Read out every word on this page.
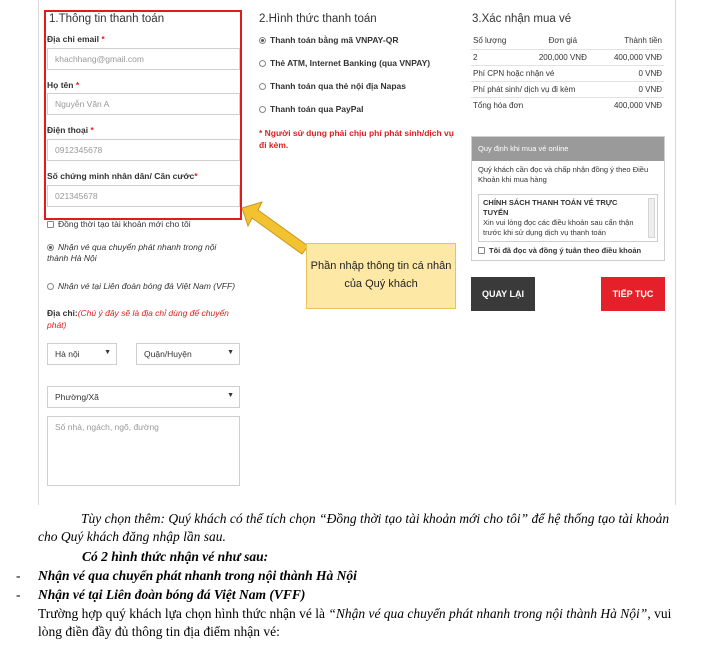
1.Thông tin thanh toán
Địa chỉ email *
khachhang@gmail.com
Họ tên *
Nguyễn Văn A
Điện thoại *
0912345678
Số chứng minh nhân dân/ Căn cước*
021345678
Đồng thời tạo tài khoản mới cho tôi
Nhận vé qua chuyển phát nhanh trong nội thành Hà Nội
Nhận vé tại Liên đoàn bóng đá Việt Nam (VFF)
Địa chỉ:(Chú ý đây sẽ là địa chỉ dùng để chuyển phát)
Hà nội	▼	Quận/Huyện	▼
Phường/Xã	▼
Số nhà, ngách, ngõ, đường
2.Hình thức thanh toán
Thanh toán bằng mã VNPAY-QR
Thẻ ATM, Internet Banking (qua VNPAY)
Thanh toán qua thẻ nội địa Napas
Thanh toán qua PayPal
* Người sử dụng phải chịu phí phát sinh/dịch vụ đi kèm.
3.Xác nhận mua vé
Số lượng	Đơn giá	Thành tiền
2	200,000 VNĐ	400,000 VNĐ
Phí CPN hoặc nhận vé		0 VNĐ
Phí phát sinh/ dịch vụ đi kèm		0 VNĐ
Tổng hóa đơn		400,000 VNĐ
Quy định khi mua vé online
Quý khách cần đọc và chấp nhận đồng ý theo Điều Khoản khi mua hàng
CHÍNH SÁCH THANH TOÁN VÉ TRỰC TUYẾN
Xin vui lòng đọc các điều khoản sau cẩn thận trước khi sử dụng dịch vụ thanh toán
Tôi đã đọc và đồng ý tuân theo điều khoản
QUAY LẠI	TIẾP TỤC
Phần nhập thông tin cá nhân của Quý khách
Tùy chọn thêm: Quý khách có thể tích chọn “Đồng thời tạo tài khoản mới cho tôi” để hệ thống tạo tài khoản cho Quý khách đăng nhập lần sau.
Có 2 hình thức nhận vé như sau:
- Nhận vé qua chuyển phát nhanh trong nội thành Hà Nội
- Nhận vé tại Liên đoàn bóng đá Việt Nam (VFF)
Trường hợp quý khách lựa chọn hình thức nhận vé là “Nhận vé qua chuyển phát nhanh trong nội thành Hà Nội”, vui lòng điền đầy đủ thông tin địa điểm nhận vé:
